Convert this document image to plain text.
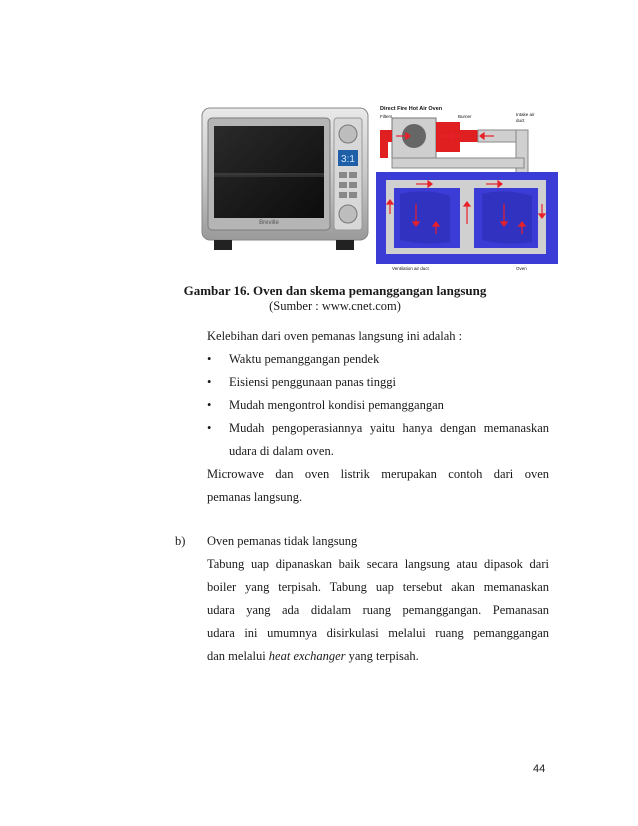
Breville
3:1
Direct Fire Hot Air Oven
Filters	Burner	Intake air
duct
Ventilation air duct	Oven
Gambar 16. Oven dan skema pemanggangan langsung
(Sumber : www.cnet.com)
Kelebihan dari oven pemanas langsung ini adalah :
•	Waktu pemanggangan pendek
•	Eisiensi penggunaan panas tinggi
•	Mudah mengontrol kondisi pemanggangan
•	Mudah pengoperasiannya yaitu hanya dengan memanaskan
udara di dalam oven.
Microwave dan oven listrik merupakan contoh dari oven
pemanas langsung.
b) Oven pemanas tidak langsung
Tabung uap dipanaskan baik secara langsung atau dipasok dari
boiler yang terpisah. Tabung uap tersebut akan memanaskan
udara yang ada didalam ruang pemanggangan. Pemanasan
udara ini umumnya disirkulasi melalui ruang pemanggangan
dan melalui heat exchanger yang terpisah.
44
